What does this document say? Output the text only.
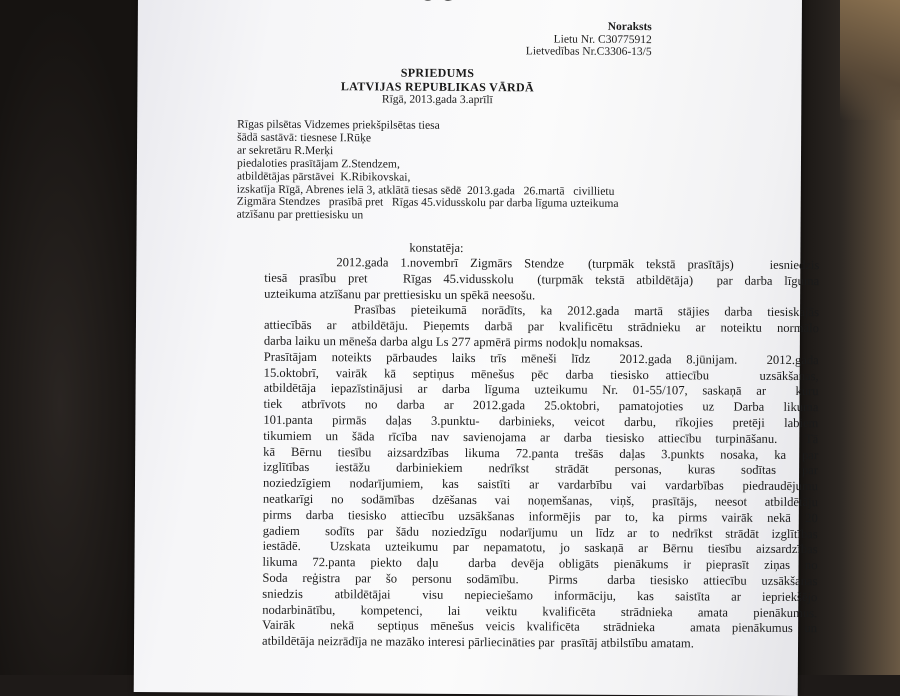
Noraksts
Lietu Nr. C30775912
Lietvedības Nr.C3306-13/5
SPRIEDUMS
LATVIJAS REPUBLIKAS VĀRDĀ
Rīgā, 2013.gada 3.aprīlī
Rīgas pilsētas Vidzemes priekšpilsētas tiesa
šādā sastāvā: tiesnese I.Rūķe
ar sekretāru R.Merķi
piedaloties prasītājam Z.Stendzem,
atbildētājas pārstāvei  K.Ribikovskai,
izskatīja Rīgā, Abrenes ielā 3, atklātā tiesas sēdē  2013.gada   26.martā   civillietu
Zigmāra Stendzes   prasībā pret   Rīgas 45.vidusskolu par darba līguma uzteikuma
atzīšanu par prettiesisku un
konstatēja:
2012.gada 1.novembrī Zigmārs Stendze  (turpmāk tekstā prasītājs)   iesniedzis
tiesā prasību pret   Rīgas 45.vidusskolu  (turpmāk tekstā atbildētāja)  par darba līguma
uzteikuma atzīšanu par prettiesisku un spēkā neesošu.
Prasības pieteikumā norādīts, ka 2012.gada martā stājies darba tiesiskajās
attiecībās ar atbildētāju. Pieņemts darbā par kvalificētu strādnieku ar noteiktu normālo
darba laiku un mēneša darba algu Ls 277 apmērā pirms nodokļu nomaksas.
Prasītājam noteikts pārbaudes laiks trīs mēneši līdz  2012.gada 8.jūnijam.  2012.gada
15.oktobrī, vairāk kā septiņus mēnešus pēc darba tiesisko attiecību   uzsākšanas,
atbildētāja iepazīstinājusi ar darba līguma uzteikumu Nr. 01-55/107, saskaņā ar  kuru
tiek atbrīvots no darba ar 2012.gada 25.oktobri, pamatojoties uz Darba likuma
101.panta pirmās daļas 3.punktu- darbinieks, veicot darbu, rīkojies pretēji labiem
tikumiem un šāda rīcība nav savienojama ar darba tiesisko attiecību turpināšanu.  Tā
kā Bērnu tiesību aizsardzības likuma 72.panta trešās daļas 3.punkts nosaka, ka par
izglītības iestāžu darbiniekiem nedrīkst strādāt personas, kuras sodītas par
noziedzīgiem nodarījumiem, kas saistīti ar vardarbību vai vardarbības piedraudējumu
neatkarīgi no sodāmības dzēšanas vai noņemšanas, viņš, prasītājs, neesot atbildētāju
pirms darba tiesisko attiecību uzsākšanas informējis par to, ka pirms vairāk nekā 20
gadiem  sodīts par šādu noziedzīgu nodarījumu un līdz ar to nedrīkst strādāt izglītības
iestādē.  Uzskata uzteikumu par nepamatotu, jo saskaņā ar Bērnu tiesību aizsardzības
likuma 72.panta piekto daļu  darba devēja obligāts pienākums ir pieprasīt ziņas no
Soda reģistra par šo personu sodāmību.  Pirms  darba tiesisko attiecību uzsākšanas
sniedzis   atbildētājai   visu  nepieciešamo  informāciju,  kas  saistīta  ar  iepriekšējo
nodarbinātību,  kompetenci,  lai  veiktu  kvalificēta  strādnieka  amata  pienākumus.
Vairāk   nekā  septiņus mēnešus veicis kvalificēta  strādnieka   amata pienākumus un
atbildētāja neizrādīja ne mazāko interesi pārliecināties par  prasītāj atbilstību amatam.
